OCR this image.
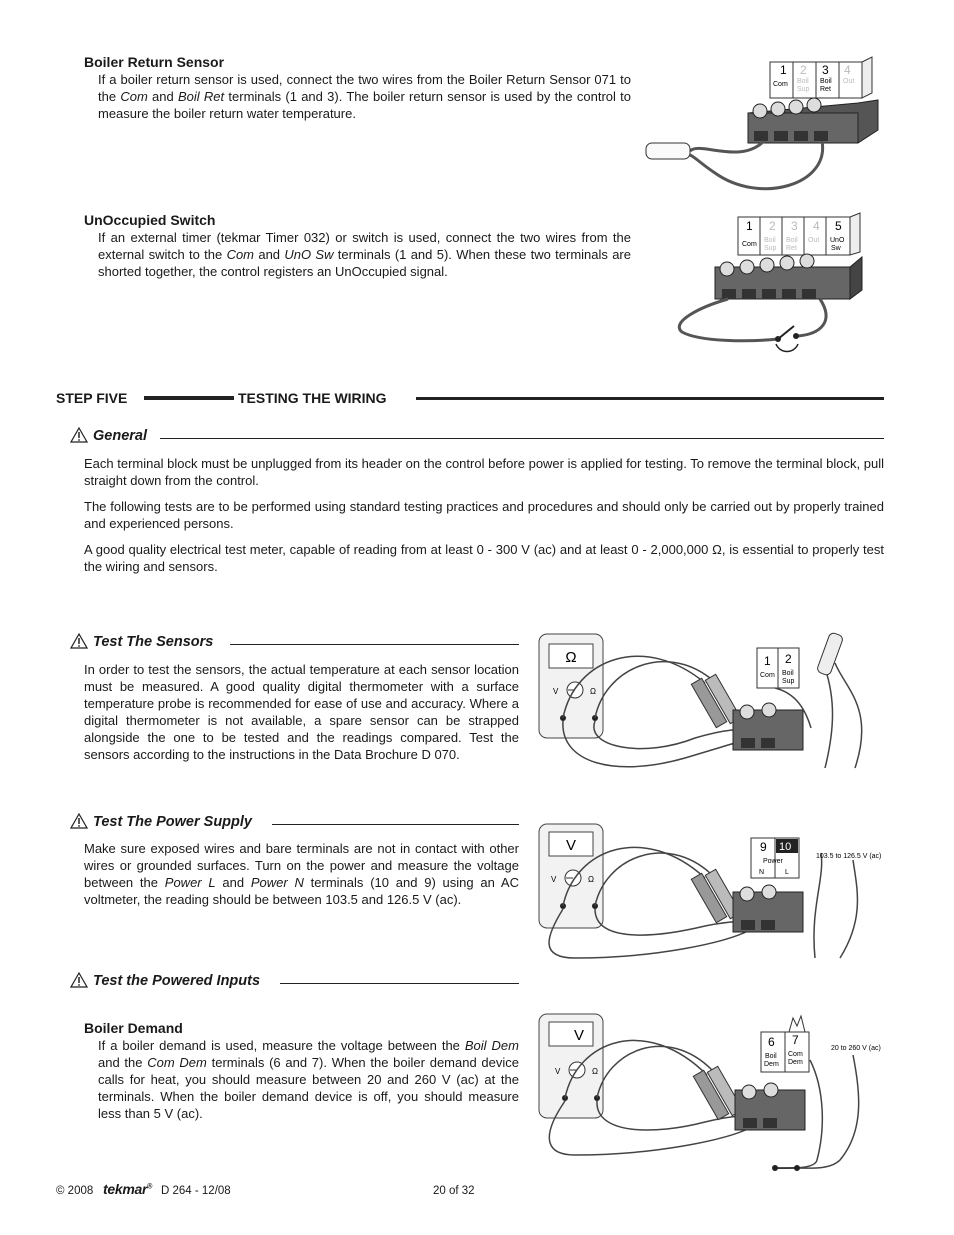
Boiler Return Sensor
If a boiler return sensor is used, connect the two wires from the Boiler Return Sensor 071 to the Com and Boil Ret terminals (1 and 3). The boiler return sensor is used by the control to measure the boiler return water temperature.
1 2 3 4
Com Boil
Sup
Boil
Ret
Out
UnOccupied Switch
If an external timer (tekmar Timer 032) or switch is used, connect the two wires from the external switch to the Com and UnO Sw terminals (1 and 5). When these two terminals are shorted together, the control registers an UnOccupied signal.
1 2 3 4 5
Com
Boil
Sup
Boil
Ret
Out UnO
Sw
STEP FIVE	TESTING THE WIRING
General
Each terminal block must be unplugged from its header on the control before power is applied for testing. To remove the terminal block, pull straight down from the control.
The following tests are to be performed using standard testing practices and procedures and should only be carried out by properly trained and experienced persons.
A good quality electrical test meter, capable of reading from at least 0 - 300 V (ac) and at least 0 - 2,000,000 Ω, is essential to properly test the wiring and sensors.
Test The Sensors
In order to test the sensors, the actual temperature at each sensor location must be measured. A good quality digital thermometer with a surface temperature probe is recommended for ease of use and accuracy. Where a digital thermometer is not available, a spare sensor can be strapped alongside the one to be tested and the readings compared. Test the sensors according to the instructions in the Data Brochure D 070.
Ω
V	Ω
1 2
Com Boil
Sup
Test The Power Supply
Make sure exposed wires and bare terminals are not in contact with other wires or grounded surfaces. Turn on the power and measure the voltage between the Power L and Power N terminals (10 and 9) using an AC voltmeter, the reading should be between 103.5 and 126.5 V (ac).
V
V	Ω
9 10
Power
N	L
103.5 to 126.5 V (ac)
Test the Powered Inputs
Boiler Demand
If a boiler demand is used, measure the voltage between the Boil Dem and the Com Dem terminals (6 and 7). When the boiler demand device calls for heat, you should measure between 20 and 260 V (ac) at the terminals. When the boiler demand device is off, you should measure less than 5 V (ac).
V
V	Ω
6 7
Boil
Dem
Com
Dem
20 to 260 V (ac)
© 2008 tekmar® D 264 - 12/08	20 of 32
